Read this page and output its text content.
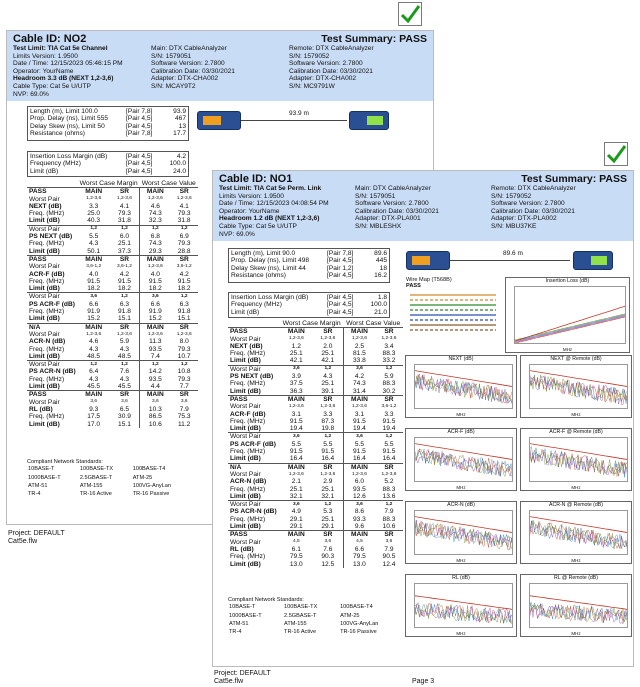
Cable ID: NO2	Test Summary: PASS
Test Limit: TIA Cat 5e Channel
Limits Version: 1.9500
Date / Time: 12/15/2023 05:46:15 PM
Operator: YourName
Headroom 3.3 dB (NEXT 1,2-3,6)
Cable Type: Cat 5e U/UTP
NVP: 69.0%
Main: DTX CableAnalyzer
S/N: 1579051
Software Version: 2.7800
Calibration Date: 03/30/2021
Adapter: DTX-CHA002
S/N: MCAY9T2
Remote: DTX CableAnalyzer
S/N: 1579052
Software Version: 2.7800
Calibration Date: 03/30/2021
Adapter: DTX-CHA002
S/N: MC9791W
93.9 m
Length (m), Limit 100.0	[Pair 7,8]	93.9
Prop. Delay (ns), Limit 555	[Pair 4,5]	467
Delay Skew (ns), Limit 50	[Pair 4,5]	13
Resistance (ohms)	[Pair 7,8]	17.7
Insertion Loss Margin (dB)	[Pair 4,5]	4.2
Frequency (MHz)	[Pair 4,5]	100.0
Limit (dB)	[Pair 4,5]	24.0
	Worst Case Margin		Worst Case Value	
PASS	MAIN	SR	MAIN	SR
Worst Pair	1,2-3,6	1,2-3,6	1,2-3,6	1,2-3,6
NEXT (dB)	3.3	4.1	4.6	4.1
Freq. (MHz)	25.0	79.3	74.3	79.3
Limit (dB)	40.3	31.8	32.3	31.8
Worst Pair	1,2	1,2	1,2	1,2
PS NEXT (dB)	5.5	6.0	6.8	6.9
Freq. (MHz)	4.3	25.1	74.3	79.3
Limit (dB)	50.1	37.3	29.3	28.8
PASS	MAIN	SR	MAIN	SR
Worst Pair	3,6-1,2	3,6-1,2	1,2-3,6	3,6-1,2
ACR-F (dB)	4.0	4.2	4.0	4.2
Freq. (MHz)	91.5	91.5	91.5	91.5
Limit (dB)	18.2	18.2	18.2	18.2
Worst Pair	3,6	1,2	3,6	1,2
PS ACR-F (dB)	6.6	6.3	6.6	6.3
Freq. (MHz)	91.9	91.8	91.9	91.8
Limit (dB)	15.2	15.1	15.2	15.1
N/A	MAIN	SR	MAIN	SR
Worst Pair	1,2-3,6	1,2-3,6	1,2-3,6	1,2-3,6
ACR-N (dB)	4.6	5.9	11.3	8.0
Freq. (MHz)	4.3	4.3	93.5	79.3
Limit (dB)	48.5	48.5	7.4	10.7
Worst Pair	1,2	1,2	1,2	1,2
PS ACR-N (dB)	6.4	7.6	14.2	10.8
Freq. (MHz)	4.3	4.3	93.5	79.3
Limit (dB)	45.5	45.5	4.4	7.7
PASS	MAIN	SR	MAIN	SR
Worst Pair	3,6	3,6	3,6	3,6
RL (dB)	9.3	6.5	10.3	7.9
Freq. (MHz)	17.5	30.9	86.5	75.3
Limit (dB)	17.0	15.1	10.6	11.2
Compliant Network Standards:
10BASE-T	100BASE-TX	100BASE-T4
1000BASE-T	2.5GBASE-T	ATM-25
ATM-51	ATM-155	100VG-AnyLan
TR-4	TR-16 Active	TR-16 Passive
Project: DEFAULT
Cat5e.flw
Cable ID: NO1	Test Summary: PASS
Test Limit: TIA Cat 5e Perm. Link
Limits Version: 1.9500
Date / Time: 12/15/2023 04:08:54 PM
Operator: YourName
Headroom 1.2 dB (NEXT 1,2-3,6)
Cable Type: Cat 5e U/UTP
NVP: 69.0%
Main: DTX CableAnalyzer
S/N: 1579051
Software Version: 2.7800
Calibration Date: 03/30/2021
Adapter: DTX-PLA001
S/N: MBLESHX
Remote: DTX CableAnalyzer
S/N: 1579052
Software Version: 2.7800
Calibration Date: 03/30/2021
Adapter: DTX-PLA002
S/N: MBU37KE
Length (m), Limit 90.0	[Pair 7,8]	89.6
Prop. Delay (ns), Limit 498	[Pair 4,5]	445
Delay Skew (ns), Limit 44	[Pair 1,2]	18
Resistance (ohms)	[Pair 4,5]	16.2
Insertion Loss Margin (dB)	[Pair 4,5]	1.8
Frequency (MHz)	[Pair 4,5]	100.0
Limit (dB)	[Pair 4,5]	21.0
	Worst Case Margin		Worst Case Value	
PASS	MAIN	SR	MAIN	SR
Worst Pair	1,2-3,6	1,2-3,6	1,2-3,6	1,2-3,6
NEXT (dB)	1.2	2.0	2.5	3.4
Freq. (MHz)	25.1	25.1	81.5	88.3
Limit (dB)	42.1	42.1	33.8	33.2
Worst Pair	3,6	1,2	3,6	1,2
PS NEXT (dB)	3.9	4.3	4.2	5.9
Freq. (MHz)	37.5	25.1	74.3	88.3
Limit (dB)	36.3	39.1	31.4	30.2
PASS	MAIN	SR	MAIN	SR
Worst Pair	1,2-3,6	1,2-3,6	1,2-3,6	3,6-1,2
ACR-F (dB)	3.1	3.3	3.1	3.3
Freq. (MHz)	91.5	87.3	91.5	91.5
Limit (dB)	19.4	19.8	19.4	19.4
Worst Pair	3,6	1,2	3,6	1,2
PS ACR-F (dB)	5.5	5.5	5.5	5.5
Freq. (MHz)	91.5	91.5	91.5	91.5
Limit (dB)	16.4	16.4	16.4	16.4
N/A	MAIN	SR	MAIN	SR
Worst Pair	1,2-3,6	1,2-3,6	1,2-3,6	1,2-3,6
ACR-N (dB)	2.1	2.9	6.0	5.2
Freq. (MHz)	25.1	25.1	93.5	88.3
Limit (dB)	32.1	32.1	12.6	13.6
Worst Pair	3,6	1,2	3,6	1,2
PS ACR-N (dB)	4.9	5.3	8.6	7.9
Freq. (MHz)	29.1	25.1	93.3	88.3
Limit (dB)	29.1	29.1	9.6	10.6
PASS	MAIN	SR	MAIN	SR
Worst Pair	4,5	3,6	4,5	3,6
RL (dB)	6.1	7.6	6.6	7.9
Freq. (MHz)	79.5	90.3	79.5	90.5
Limit (dB)	13.0	12.5	13.0	12.4
Compliant Network Standards:
10BASE-T	100BASE-TX	100BASE-T4
1000BASE-T	2.5GBASE-T	ATM-25
ATM-51	ATM-155	100VG-AnyLan
TR-4	TR-16 Active	TR-16 Passive
89.6 m
Wire Map (T568B)
PASS
Insertion Loss (dB)
MHz
NEXT (dB)
MHz
NEXT @ Remote (dB)
MHz
ACR-F (dB)
MHz
ACR-F @ Remote (dB)
MHz
ACR-N (dB)
MHz
ACR-N @ Remote (dB)
MHz
RL (dB)
MHz
RL @ Remote (dB)
MHz
Project: DEFAULT
Cat5e.flw	Page 3
